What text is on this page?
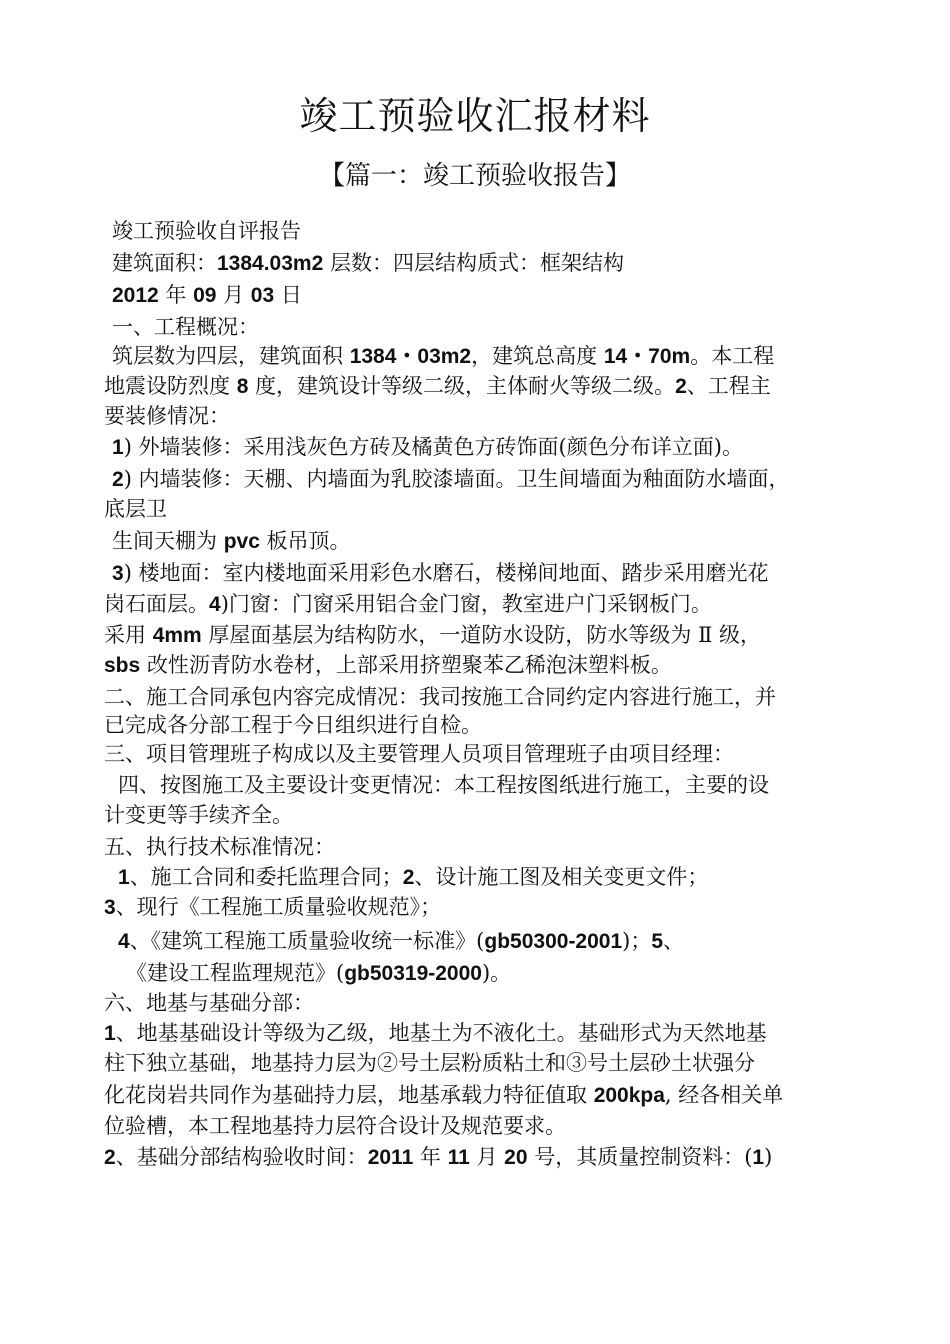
竣工预验收汇报材料
【篇一：竣工预验收报告】
竣工预验收自评报告
建筑面积：1384.03m2 层数：四层结构质式：框架结构
2012 年 09 月 03 日
一、工程概况：
筑层数为四层，建筑面积 1384・03m2，建筑总高度 14・70m。本工程
地震设防烈度 8 度，建筑设计等级二级，主体耐火等级二级。2、工程主
要装修情况：
1) 外墙装修：采用浅灰色方砖及橘黄色方砖饰面(颜色分布详立面)。
2) 内墙装修：天棚、内墙面为乳胶漆墙面。卫生间墙面为釉面防水墙面，
底层卫
生间天棚为 pvc 板吊顶。
3) 楼地面：室内楼地面采用彩色水磨石，楼梯间地面、踏步采用磨光花
岗石面层。4)门窗：门窗采用铝合金门窗，教室进户门采钢板门。
采用 4mm 厚屋面基层为结构防水，一道防水设防，防水等级为 Ⅱ 级，
sbs 改性沥青防水卷材，上部采用挤塑聚苯乙稀泡沫塑料板。
二、施工合同承包内容完成情况：我司按施工合同约定内容进行施工，并
已完成各分部工程于今日组织进行自检。
三、项目管理班子构成以及主要管理人员项目管理班子由项目经理：
四、按图施工及主要设计变更情况：本工程按图纸进行施工，主要的设
计变更等手续齐全。
五、执行技术标准情况：
1、施工合同和委托监理合同；2、设计施工图及相关变更文件；
3、现行《工程施工质量验收规范》；
4、《建筑工程施工质量验收统一标准》(gb50300-2001)；5、
《建设工程监理规范》(gb50319-2000)。
六、地基与基础分部：
1、地基基础设计等级为乙级，地基土为不液化土。基础形式为天然地基
柱下独立基础，地基持力层为②号土层粉质粘土和③号土层砂土状强分
化花岗岩共同作为基础持力层，地基承载力特征值取 200kpa, 经各相关单
位验槽，本工程地基持力层符合设计及规范要求。
2、基础分部结构验收时间：2011 年 11 月 20 号，其质量控制资料：(1)
